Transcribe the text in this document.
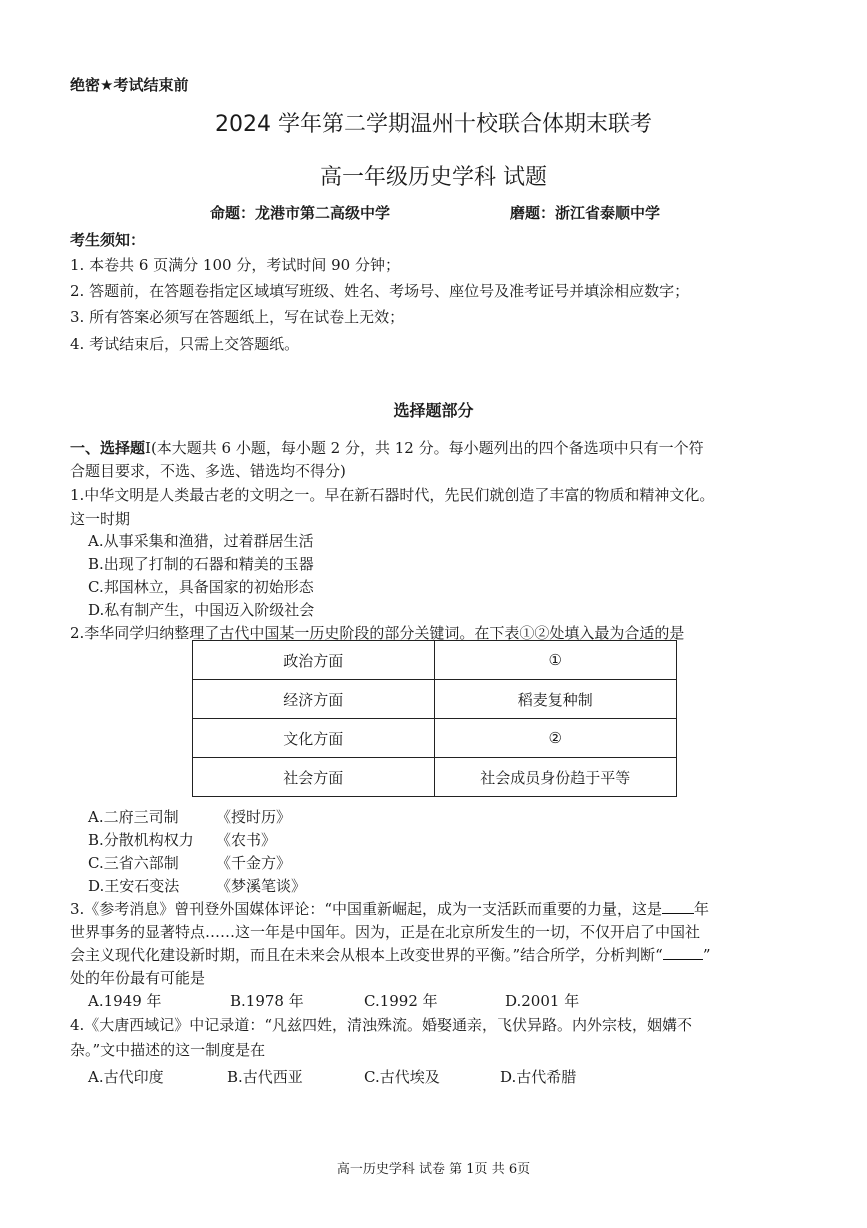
绝密★考试结束前
2024 学年第二学期温州十校联合体期末联考
高一年级历史学科 试题
命题：龙港市第二高级中学	磨题：浙江省泰顺中学
考生须知：
1. 本卷共 6 页满分 100 分，考试时间 90 分钟；
2. 答题前，在答题卷指定区域填写班级、姓名、考场号、座位号及准考证号并填涂相应数字；
3. 所有答案必须写在答题纸上，写在试卷上无效；
4. 考试结束后，只需上交答题纸。
选择题部分
一、选择题Ⅰ(本大题共 6 小题，每小题 2 分，共 12 分。每小题列出的四个备选项中只有一个符
合题目要求，不选、多选、错选均不得分)
1.中华文明是人类最古老的文明之一。早在新石器时代，先民们就创造了丰富的物质和精神文化。
这一时期
A.从事采集和渔猎，过着群居生活
B.出现了打制的石器和精美的玉器
C.邦国林立，具备国家的初始形态
D.私有制产生，中国迈入阶级社会
2.李华同学归纳整理了古代中国某一历史阶段的部分关键词。在下表①②处填入最为合适的是
政治方面	①
经济方面	稻麦复种制
文化方面	②
社会方面	社会成员身份趋于平等
A.二府三司制 《授时历》
B.分散机构权力 《农书》
C.三省六部制 《千金方》
D.王安石变法 《梦溪笔谈》
3.《参考消息》曾刊登外国媒体评论：“中国重新崛起，成为一支活跃而重要的力量，这是 年
世界事务的显著特点……这一年是中国年。因为，正是在北京所发生的一切，不仅开启了中国社
会主义现代化建设新时期，而且在未来会从根本上改变世界的平衡。”结合所学，分析判断“	”
处的年份最有可能是
A.1949 年	B.1978 年	C.1992 年	D.2001 年
4.《大唐西域记》中记录道：“凡兹四姓，清浊殊流。婚娶通亲，飞伏异路。内外宗枝，姻媾不
杂。”文中描述的这一制度是在
A.古代印度	B.古代西亚	C.古代埃及	D.古代希腊
高一历史学科 试卷 第 1页 共 6页
